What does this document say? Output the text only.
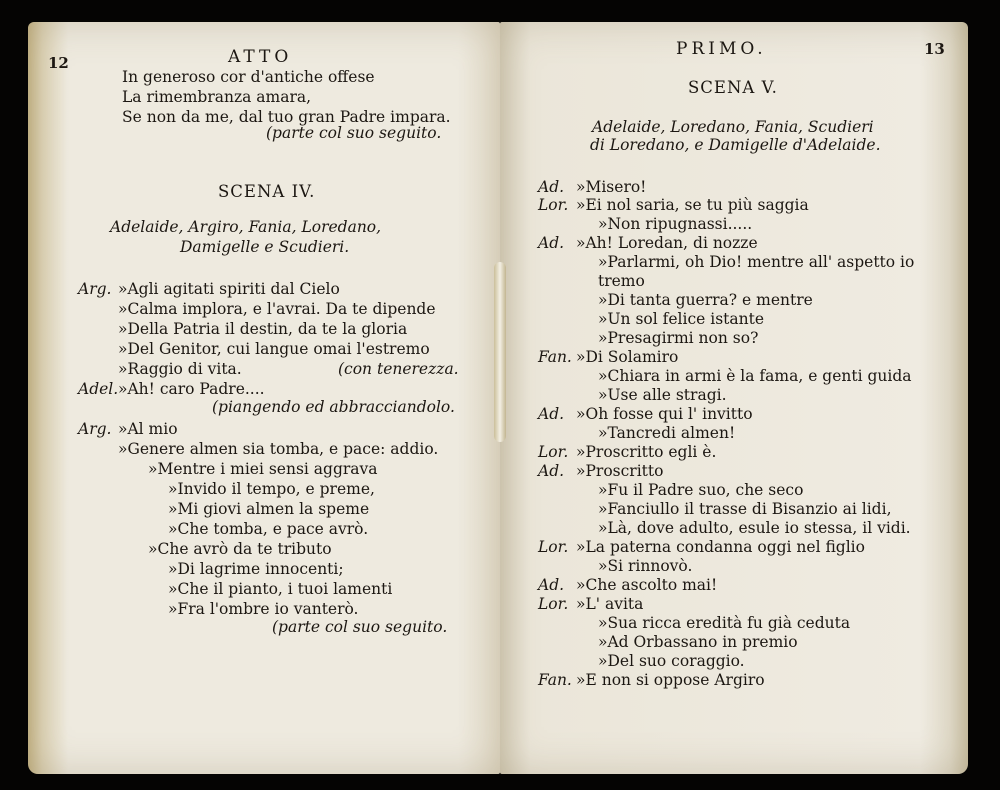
12	ATTO
In generoso cor d'antiche offese
La rimembranza amara,
Se non da me, dal tuo gran Padre impara.
(parte col suo seguito.
SCENA IV.
Adelaide, Argiro, Fania, Loredano,
Damigelle e Scudieri.
Arg. »Agli agitati spiriti dal Cielo
»Calma implora, e l'avrai. Da te dipende
»Della Patria il destin, da te la gloria
»Del Genitor, cui langue omai l'estremo
»Raggio di vita.	(con tenerezza.
Adel. »Ah! caro Padre....
(piangendo ed abbracciandolo.
Arg. »Al mio
»Genere almen sia tomba, e pace: addio.
»Mentre i miei sensi aggrava
»Invido il tempo, e preme,
»Mi giovi almen la speme
»Che tomba, e pace avrò.
»Che avrò da te tributo
»Di lagrime innocenti;
»Che il pianto, i tuoi lamenti
»Fra l'ombre io vanterò.
(parte col suo seguito.
PRIMO.	13
SCENA V.
Adelaide, Loredano, Fania, Scudieri
di Loredano, e Damigelle d'Adelaide.
Ad. »Misero!
Lor. »Ei nol saria, se tu più saggia
»Non ripugnassi.....
Ad. »Ah! Loredan, di nozze
»Parlarmi, oh Dio! mentre all' aspetto io
tremo
»Di tanta guerra? e mentre
»Un sol felice istante
»Presagirmi non so?
Fan. »Di Solamiro
»Chiara in armi è la fama, e genti guida
»Use alle stragi.
Ad. »Oh fosse qui l' invitto
»Tancredi almen!
Lor. »Proscritto egli è.
Ad. »Proscritto
»Fu il Padre suo, che seco
»Fanciullo il trasse di Bisanzio ai lidi,
»Là, dove adulto, esule io stessa, il vidi.
Lor. »La paterna condanna oggi nel figlio
»Si rinnovò.
Ad. »Che ascolto mai!
Lor. »L' avita
»Sua ricca eredità fu già ceduta
»Ad Orbassano in premio
»Del suo coraggio.
Fan. »E non si oppose Argiro
